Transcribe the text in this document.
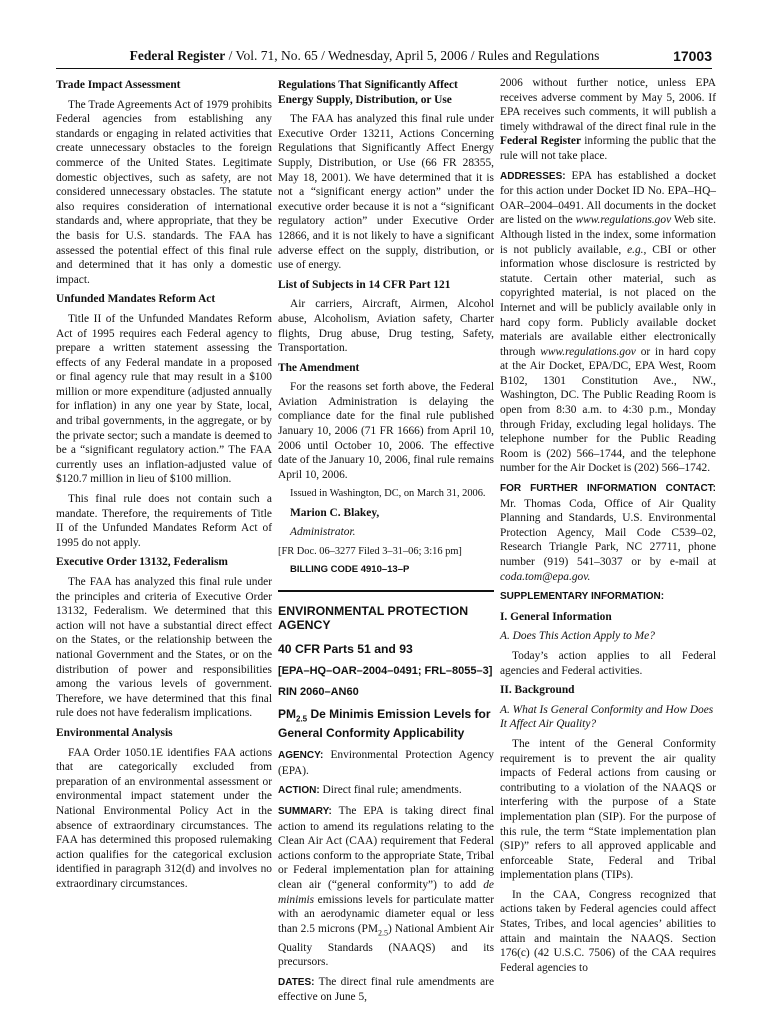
Federal Register / Vol. 71, No. 65 / Wednesday, April 5, 2006 / Rules and Regulations	17003
Trade Impact Assessment

The Trade Agreements Act of 1979 prohibits Federal agencies from establishing any standards or engaging in related activities that create unnecessary obstacles to the foreign commerce of the United States. Legitimate domestic objectives, such as safety, are not considered unnecessary obstacles. The statute also requires consideration of international standards and, where appropriate, that they be the basis for U.S. standards. The FAA has assessed the potential effect of this final rule and determined that it has only a domestic impact.

Unfunded Mandates Reform Act

Title II of the Unfunded Mandates Reform Act of 1995 requires each Federal agency to prepare a written statement assessing the effects of any Federal mandate in a proposed or final agency rule that may result in a $100 million or more expenditure (adjusted annually for inflation) in any one year by State, local, and tribal governments, in the aggregate, or by the private sector; such a mandate is deemed to be a “significant regulatory action.” The FAA currently uses an inflation-adjusted value of $120.7 million in lieu of $100 million.

This final rule does not contain such a mandate. Therefore, the requirements of Title II of the Unfunded Mandates Reform Act of 1995 do not apply.

Executive Order 13132, Federalism

The FAA has analyzed this final rule under the principles and criteria of Executive Order 13132, Federalism. We determined that this action will not have a substantial direct effect on the States, or the relationship between the national Government and the States, or on the distribution of power and responsibilities among the various levels of government. Therefore, we have determined that this final rule does not have federalism implications.

Environmental Analysis

FAA Order 1050.1E identifies FAA actions that are categorically excluded from preparation of an environmental assessment or environmental impact statement under the National Environmental Policy Act in the absence of extraordinary circumstances. The FAA has determined this proposed rulemaking action qualifies for the categorical exclusion identified in paragraph 312(d) and involves no extraordinary circumstances.

Regulations That Significantly Affect Energy Supply, Distribution, or Use

The FAA has analyzed this final rule under Executive Order 13211, Actions Concerning Regulations that Significantly Affect Energy Supply, Distribution, or Use (66 FR 28355, May 18, 2001). We have determined that it is not a “significant energy action” under the executive order because it is not a “significant regulatory action” under Executive Order 12866, and it is not likely to have a significant adverse effect on the supply, distribution, or use of energy.

List of Subjects in 14 CFR Part 121

Air carriers, Aircraft, Airmen, Alcohol abuse, Alcoholism, Aviation safety, Charter flights, Drug abuse, Drug testing, Safety, Transportation.

The Amendment

For the reasons set forth above, the Federal Aviation Administration is delaying the compliance date for the final rule published January 10, 2006 (71 FR 1666) from April 10, 2006 until October 10, 2006. The effective date of the January 10, 2006, final rule remains April 10, 2006.

Issued in Washington, DC, on March 31, 2006.

Marion C. Blakey,

Administrator.

[FR Doc. 06–3277 Filed 3–31–06; 3:16 pm]

BILLING CODE 4910–13–P

ENVIRONMENTAL PROTECTION AGENCY
40 CFR Parts 51 and 93
[EPA–HQ–OAR–2004–0491; FRL–8055–3]
RIN 2060–AN60
$PM_{2.5}$ De Minimis Emission Levels for General Conformity Applicability

AGENCY: Environmental Protection Agency (EPA).

ACTION: Direct final rule; amendments.

SUMMARY: The EPA is taking direct final action to amend its regulations relating to the Clean Air Act (CAA) requirement that Federal actions conform to the appropriate State, Tribal or Federal implementation plan for attaining clean air (“general conformity”) to add de minimis emissions levels for particulate matter with an aerodynamic diameter equal or less than 2.5 microns $(PM_{2.5})$ National Ambient Air Quality Standards (NAAQS) and its precursors.

DATES: The direct final rule amendments are effective on June 5,

2006 without further notice, unless EPA receives adverse comment by May 5, 2006. If EPA receives such comments, it will publish a timely withdrawal of the direct final rule in the Federal Register informing the public that the rule will not take place.

ADDRESSES: EPA has established a docket for this action under Docket ID No. EPA–HQ–OAR–2004–0491. All documents in the docket are listed on the www.regulations.gov Web site. Although listed in the index, some information is not publicly available, e.g., CBI or other information whose disclosure is restricted by statute. Certain other material, such as copyrighted material, is not placed on the Internet and will be publicly available only in hard copy form. Publicly available docket materials are available either electronically through www.regulations.gov or in hard copy at the Air Docket, EPA/DC, EPA West, Room B102, 1301 Constitution Ave., NW., Washington, DC. The Public Reading Room is open from 8:30 a.m. to 4:30 p.m., Monday through Friday, excluding legal holidays. The telephone number for the Public Reading Room is (202) 566–1744, and the telephone number for the Air Docket is (202) 566–1742.

FOR FURTHER INFORMATION CONTACT: Mr. Thomas Coda, Office of Air Quality Planning and Standards, U.S. Environmental Protection Agency, Mail Code C539–02, Research Triangle Park, NC 27711, phone number (919) 541–3037 or by e-mail at coda.tom@epa.gov.

SUPPLEMENTARY INFORMATION:

I. General Information
A. Does This Action Apply to Me?

Today’s action applies to all Federal agencies and Federal activities.

II. Background
A. What Is General Conformity and How Does It Affect Air Quality?

The intent of the General Conformity requirement is to prevent the air quality impacts of Federal actions from causing or contributing to a violation of the NAAQS or interfering with the purpose of a State implementation plan (SIP). For the purpose of this rule, the term “State implementation plan (SIP)” refers to all approved applicable and enforceable State, Federal and Tribal implementation plans (TIPs).

In the CAA, Congress recognized that actions taken by Federal agencies could affect States, Tribes, and local agencies’ abilities to attain and maintain the NAAQS. Section 176(c) (42 U.S.C. 7506) of the CAA requires Federal agencies to
